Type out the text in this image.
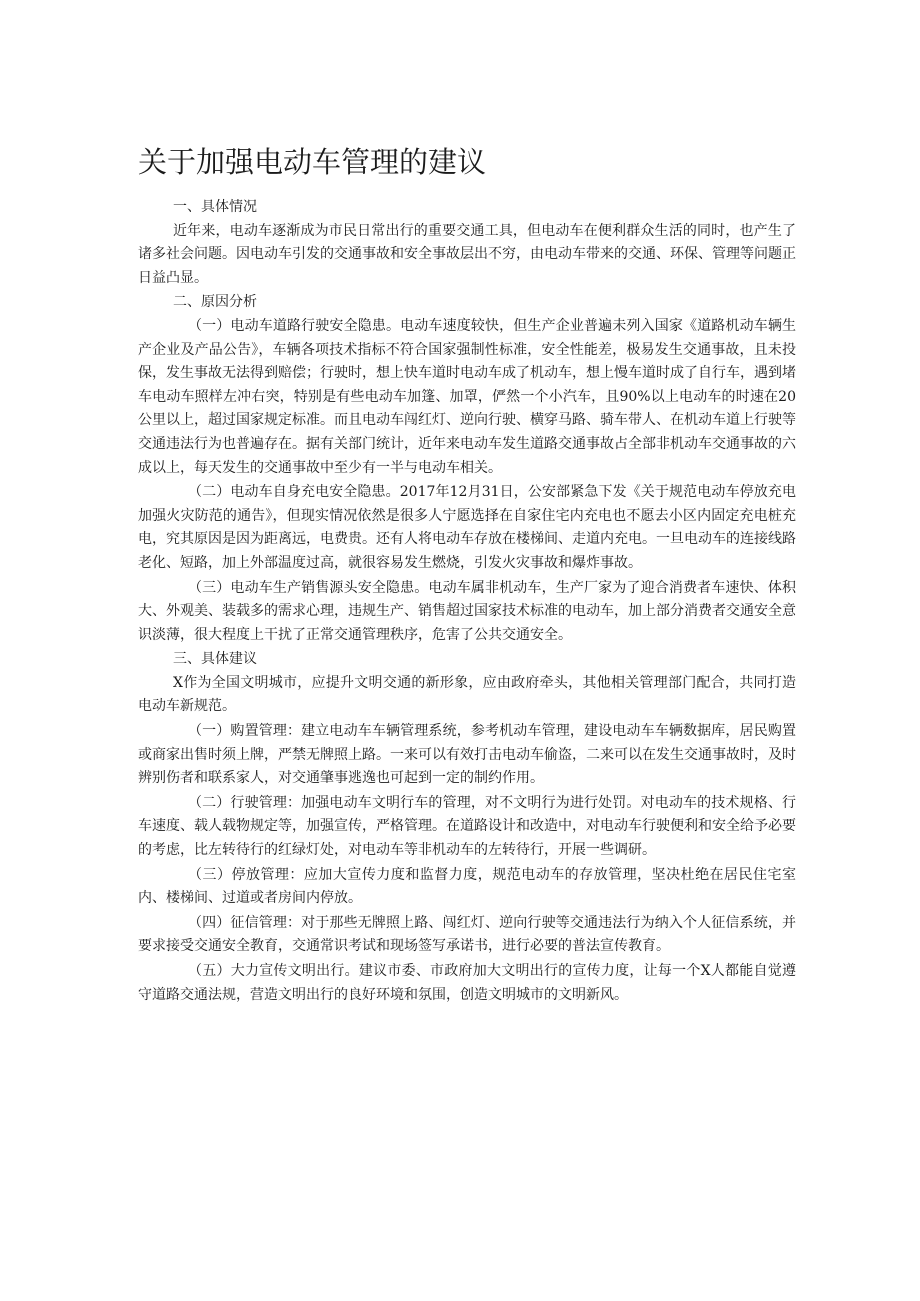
关于加强电动车管理的建议

一、具体情况

近年来，电动车逐渐成为市民日常出行的重要交通工具，但电动车在便利群众生活的同时，也产生了诸多社会问题。因电动车引发的交通事故和安全事故层出不穷，由电动车带来的交通、环保、管理等问题正日益凸显。

二、原因分析

（一）电动车道路行驶安全隐患。电动车速度较快，但生产企业普遍未列入国家《道路机动车辆生产企业及产品公告》，车辆各项技术指标不符合国家强制性标准，安全性能差，极易发生交通事故，且未投保，发生事故无法得到赔偿；行驶时，想上快车道时电动车成了机动车，想上慢车道时成了自行车，遇到堵车电动车照样左冲右突，特别是有些电动车加篷、加罩，俨然一个小汽车，且90%以上电动车的时速在20公里以上，超过国家规定标准。而且电动车闯红灯、逆向行驶、横穿马路、骑车带人、在机动车道上行驶等交通违法行为也普遍存在。据有关部门统计，近年来电动车发生道路交通事故占全部非机动车交通事故的六成以上，每天发生的交通事故中至少有一半与电动车相关。

（二）电动车自身充电安全隐患。2017年12月31日，公安部紧急下发《关于规范电动车停放充电加强火灾防范的通告》，但现实情况依然是很多人宁愿选择在自家住宅内充电也不愿去小区内固定充电桩充电，究其原因是因为距离远，电费贵。还有人将电动车存放在楼梯间、走道内充电。一旦电动车的连接线路老化、短路，加上外部温度过高，就很容易发生燃烧，引发火灾事故和爆炸事故。

（三）电动车生产销售源头安全隐患。电动车属非机动车，生产厂家为了迎合消费者车速快、体积大、外观美、装载多的需求心理，违规生产、销售超过国家技术标准的电动车，加上部分消费者交通安全意识淡薄，很大程度上干扰了正常交通管理秩序，危害了公共交通安全。

三、具体建议

X作为全国文明城市，应提升文明交通的新形象，应由政府牵头，其他相关管理部门配合，共同打造电动车新规范。

（一）购置管理：建立电动车车辆管理系统，参考机动车管理，建设电动车车辆数据库，居民购置或商家出售时须上牌，严禁无牌照上路。一来可以有效打击电动车偷盗，二来可以在发生交通事故时，及时辨别伤者和联系家人，对交通肇事逃逸也可起到一定的制约作用。

（二）行驶管理：加强电动车文明行车的管理，对不文明行为进行处罚。对电动车的技术规格、行车速度、载人载物规定等，加强宣传，严格管理。在道路设计和改造中，对电动车行驶便利和安全给予必要的考虑，比左转待行的红绿灯处，对电动车等非机动车的左转待行，开展一些调研。

（三）停放管理：应加大宣传力度和监督力度，规范电动车的存放管理，坚决杜绝在居民住宅室内、楼梯间、过道或者房间内停放。

（四）征信管理：对于那些无牌照上路、闯红灯、逆向行驶等交通违法行为纳入个人征信系统，并要求接受交通安全教育，交通常识考试和现场签写承诺书，进行必要的普法宣传教育。

（五）大力宣传文明出行。建议市委、市政府加大文明出行的宣传力度，让每一个X人都能自觉遵守道路交通法规，营造文明出行的良好环境和氛围，创造文明城市的文明新风。
